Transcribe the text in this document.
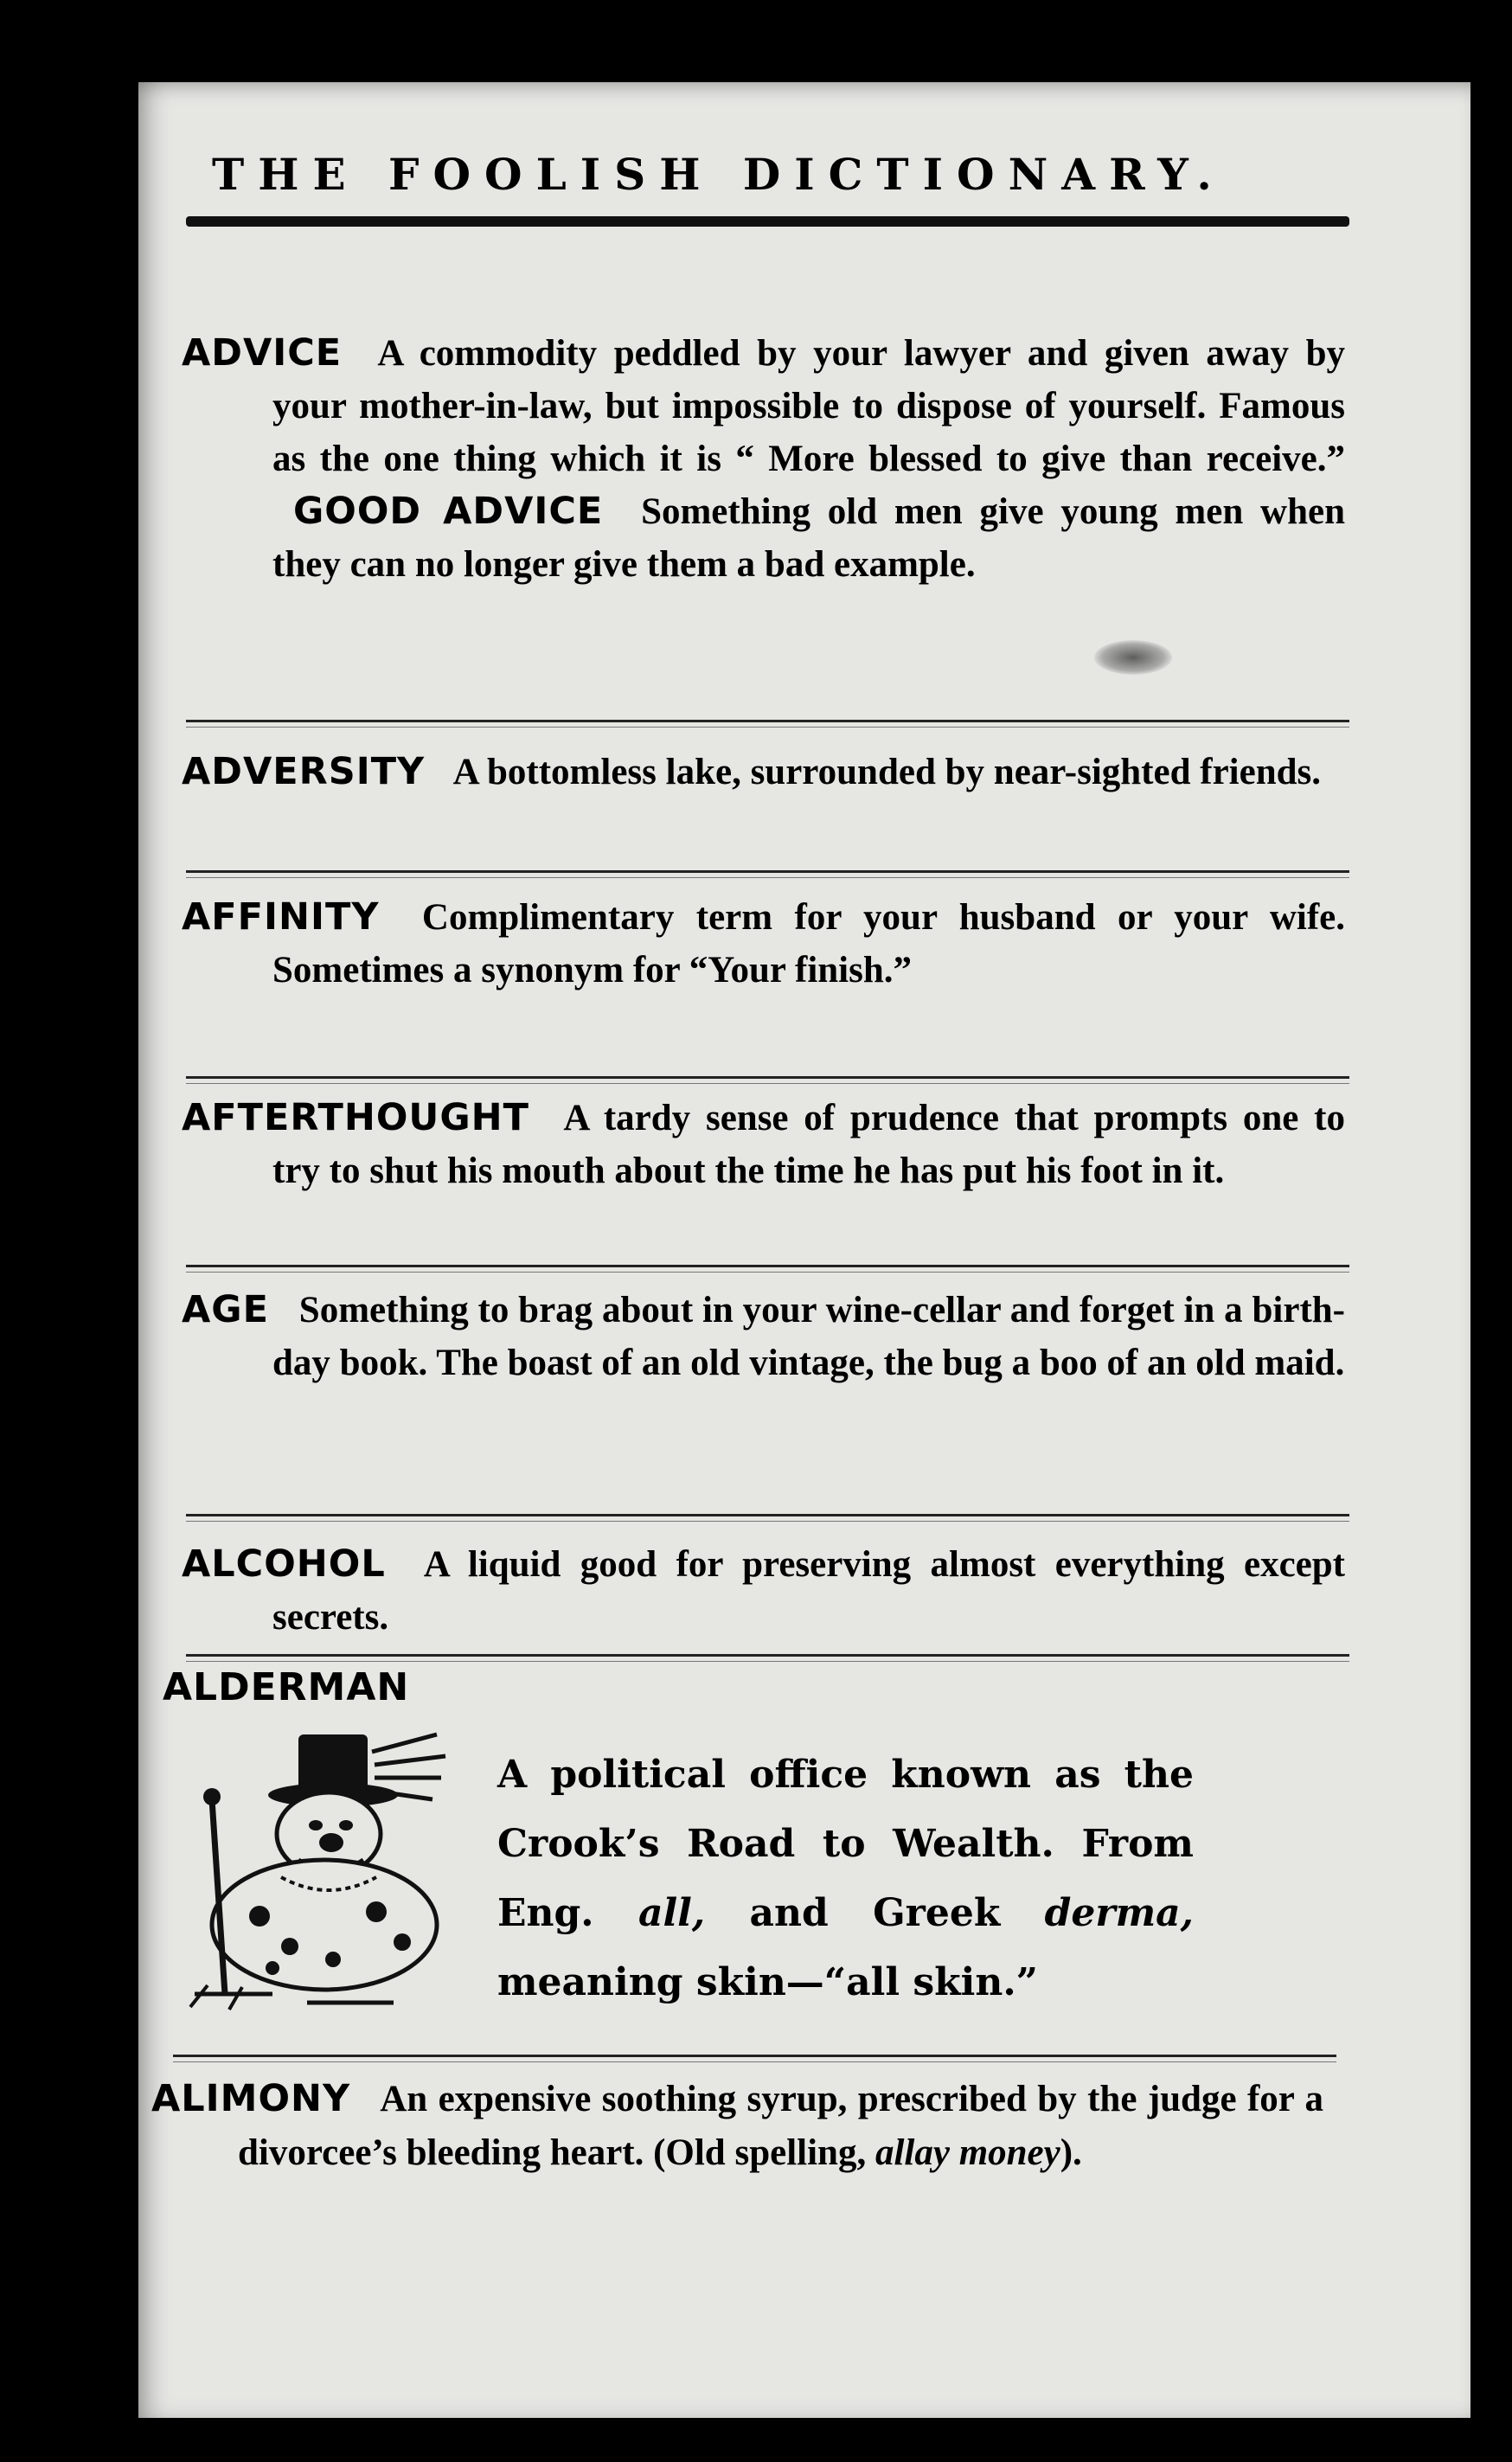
THE FOOLISH DICTIONARY.

ADVICE A commodity peddled by your lawyer and given away by your mother-in-law, but impossible to dispose of yourself. Famous as the one thing which it is “ More blessed to give than receive.” GOOD ADVICE Something old men give young men when they can no longer give them a bad example.

ADVERSITY A bottomless lake, surrounded by near-sighted friends.

AFFINITY Complimentary term for your husband or your wife. Sometimes a synonym for “Your finish.”

AFTERTHOUGHT A tardy sense of prudence that prompts one to try to shut his mouth about the time he has put his foot in it.

AGE Something to brag about in your wine-cellar and forget in a birth-day book. The boast of an old vintage, the bug a boo of an old maid.

ALCOHOL A liquid good for preserving almost everything except secrets.

ALDERMAN
A political office known as the Crook’s Road to Wealth. From Eng. all, and Greek derma, meaning skin—“all skin.”

ALIMONY An expensive soothing syrup, prescribed by the judge for a divorcee’s bleeding heart. (Old spelling, allay money).
